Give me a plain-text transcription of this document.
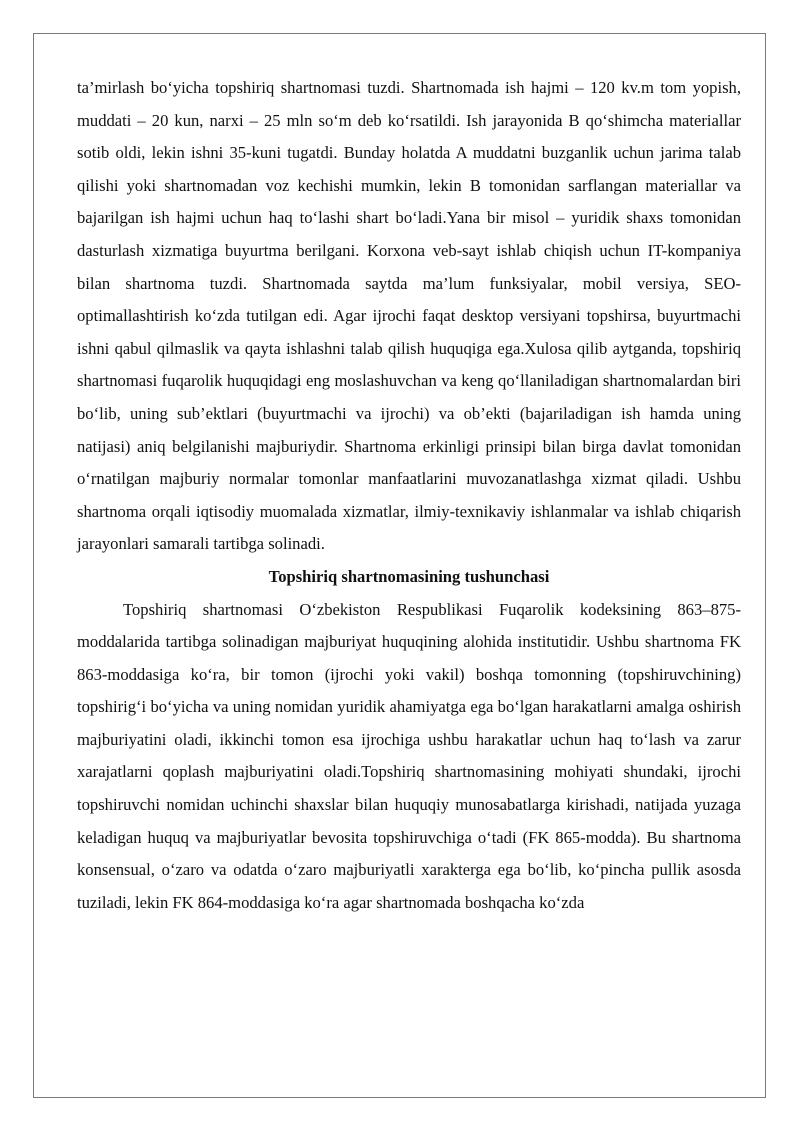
ta’mirlash bo‘yicha topshiriq shartnomasi tuzdi. Shartnomada ish hajmi – 120 kv.m tom yopish, muddati – 20 kun, narxi – 25 mln so‘m deb ko‘rsatildi. Ish jarayonida B qo‘shimcha materiallar sotib oldi, lekin ishni 35-kuni tugatdi. Bunday holatda A muddatni buzganlik uchun jarima talab qilishi yoki shartnomadan voz kechishi mumkin, lekin B tomonidan sarflangan materiallar va bajarilgan ish hajmi uchun haq to‘lashi shart bo‘ladi.Yana bir misol – yuridik shaxs tomonidan dasturlash xizmatiga buyurtma berilgani. Korxona veb-sayt ishlab chiqish uchun IT-kompaniya bilan shartnoma tuzdi. Shartnomada saytda ma’lum funksiyalar, mobil versiya, SEO-optimallashtirish ko‘zda tutilgan edi. Agar ijrochi faqat desktop versiyani topshirsa, buyurtmachi ishni qabul qilmaslik va qayta ishlashni talab qilish huquqiga ega.Xulosa qilib aytganda, topshiriq shartnomasi fuqarolik huquqidagi eng moslashuvchan va keng qo‘llaniladigan shartnomalardan biri bo‘lib, uning sub’ektlari (buyurtmachi va ijrochi) va ob’ekti (bajariladigan ish hamda uning natijasi) aniq belgilanishi majburiydir. Shartnoma erkinligi prinsipi bilan birga davlat tomonidan o‘rnatilgan majburiy normalar tomonlar manfaatlarini muvozanatlashga xizmat qiladi. Ushbu shartnoma orqali iqtisodiy muomalada xizmatlar, ilmiy-texnikaviy ishlanmalar va ishlab chiqarish jarayonlari samarali tartibga solinadi.

Topshiriq shartnomasining tushunchasi

Topshiriq shartnomasi O‘zbekiston Respublikasi Fuqarolik kodeksining 863–875-moddalarida tartibga solinadigan majburiyat huquqining alohida institutidir. Ushbu shartnoma FK 863-moddasiga ko‘ra, bir tomon (ijrochi yoki vakil) boshqa tomonning (topshiruvchining) topshirig‘i bo‘yicha va uning nomidan yuridik ahamiyatga ega bo‘lgan harakatlarni amalga oshirish majburiyatini oladi, ikkinchi tomon esa ijrochiga ushbu harakatlar uchun haq to‘lash va zarur xarajatlarni qoplash majburiyatini oladi.Topshiriq shartnomasining mohiyati shundaki, ijrochi topshiruvchi nomidan uchinchi shaxslar bilan huquqiy munosabatlarga kirishadi, natijada yuzaga keladigan huquq va majburiyatlar bevosita topshiruvchiga o‘tadi (FK 865-modda). Bu shartnoma konsensual, o‘zaro va odatda o‘zaro majburiyatli xarakterga ega bo‘lib, ko‘pincha pullik asosda tuziladi, lekin FK 864-moddasiga ko‘ra agar shartnomada boshqacha ko‘zda
